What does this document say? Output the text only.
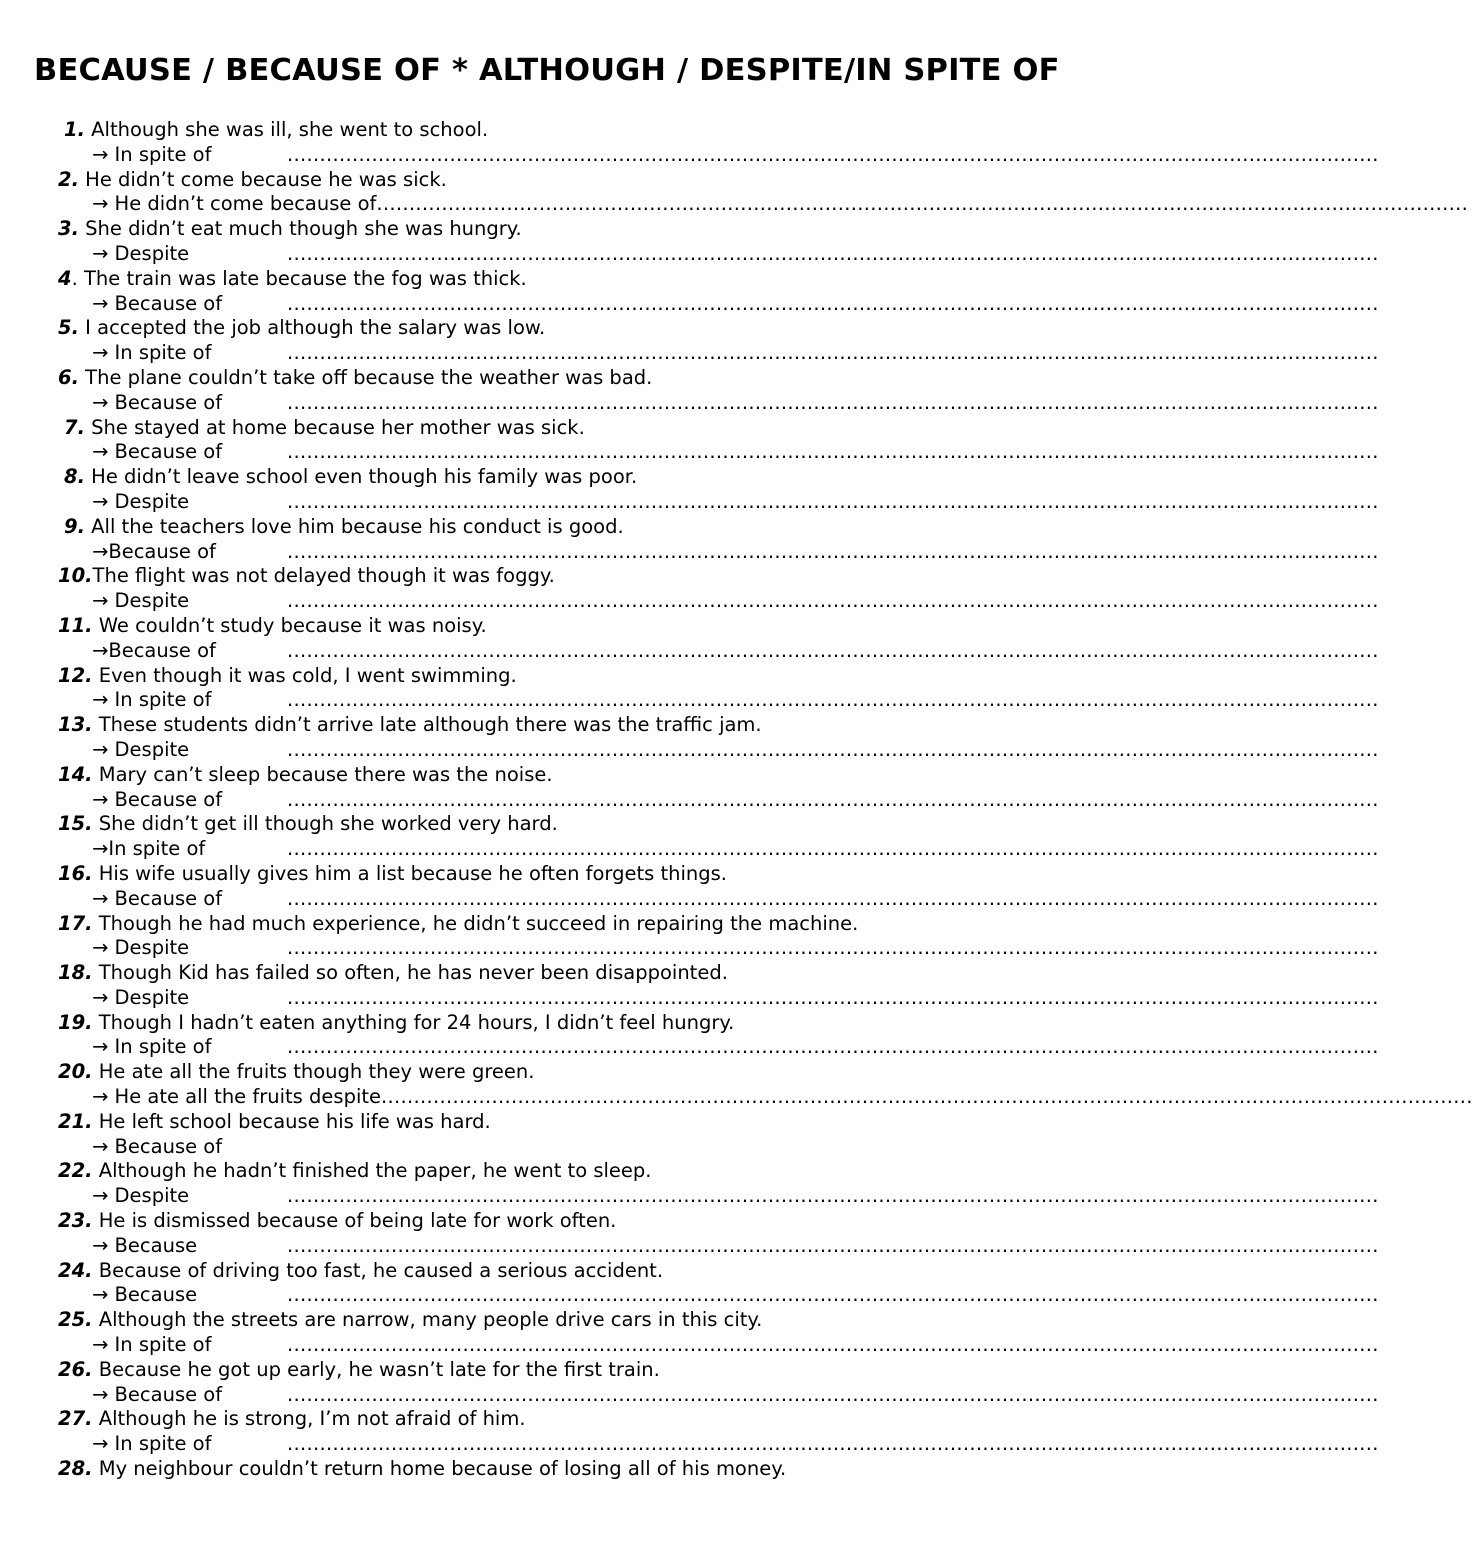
BECAUSE / BECAUSE OF * ALTHOUGH / DESPITE/IN SPITE OF
1. Although she was ill, she went to school.
→ In spite of	........................................................................................................................................................................
2. He didn’t come because he was sick.
→ He didn’t come because of........................................................................................................................................................................
3. She didn’t eat much though she was hungry.
→ Despite	........................................................................................................................................................................
4. The train was late because the fog was thick.
→ Because of	........................................................................................................................................................................
5. I accepted the job although the salary was low.
→ In spite of	........................................................................................................................................................................
6. The plane couldn’t take off because the weather was bad.
→ Because of	........................................................................................................................................................................
7. She stayed at home because her mother was sick.
→ Because of	........................................................................................................................................................................
8. He didn’t leave school even though his family was poor.
→ Despite	........................................................................................................................................................................
9. All the teachers love him because his conduct is good.
→Because of	........................................................................................................................................................................
10.The flight was not delayed though it was foggy.
→ Despite	........................................................................................................................................................................
11. We couldn’t study because it was noisy.
→Because of	........................................................................................................................................................................
12. Even though it was cold, I went swimming.
→ In spite of	........................................................................................................................................................................
13. These students didn’t arrive late although there was the traffic jam.
→ Despite	........................................................................................................................................................................
14. Mary can’t sleep because there was the noise.
→ Because of	........................................................................................................................................................................
15. She didn’t get ill though she worked very hard.
→In spite of	........................................................................................................................................................................
16. His wife usually gives him a list because he often forgets things.
→ Because of	........................................................................................................................................................................
17. Though he had much experience, he didn’t succeed in repairing the machine.
→ Despite	........................................................................................................................................................................
18. Though Kid has failed so often, he has never been disappointed.
→ Despite	........................................................................................................................................................................
19. Though I hadn’t eaten anything for 24 hours, I didn’t feel hungry.
→ In spite of	........................................................................................................................................................................
20. He ate all the fruits though they were green.
→ He ate all the fruits despite........................................................................................................................................................................
21. He left school because his life was hard.
→ Because of
22. Although he hadn’t finished the paper, he went to sleep.
→ Despite	........................................................................................................................................................................
23. He is dismissed because of being late for work often.
→ Because	........................................................................................................................................................................
24. Because of driving too fast, he caused a serious accident.
→ Because	........................................................................................................................................................................
25. Although the streets are narrow, many people drive cars in this city.
→ In spite of	........................................................................................................................................................................
26. Because he got up early, he wasn’t late for the first train.
→ Because of	........................................................................................................................................................................
27. Although he is strong, I’m not afraid of him.
→ In spite of	........................................................................................................................................................................
28. My neighbour couldn’t return home because of losing all of his money.
